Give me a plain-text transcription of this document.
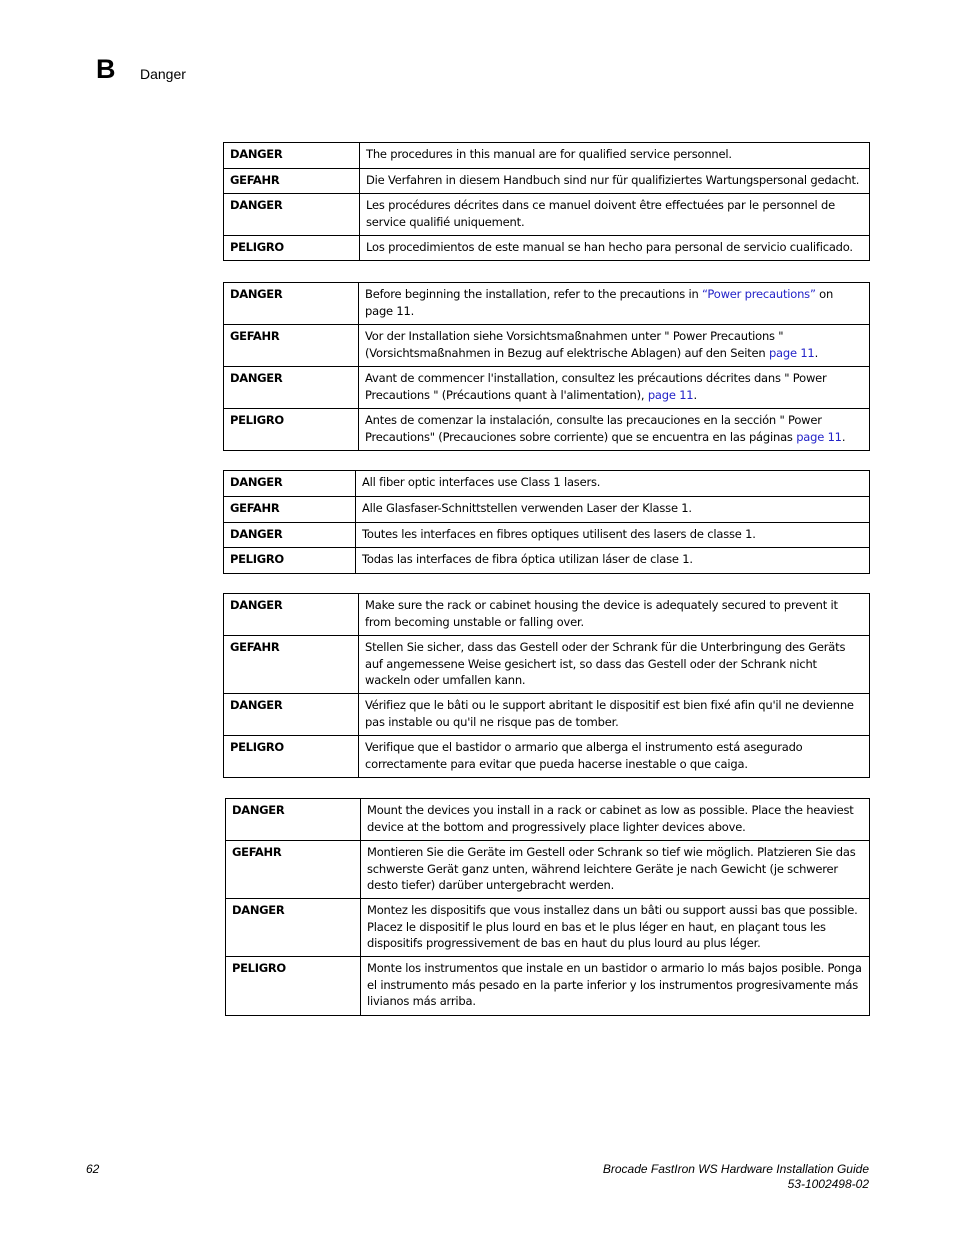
B Danger
DANGER	The procedures in this manual are for qualified service personnel.
GEFAHR	Die Verfahren in diesem Handbuch sind nur für qualifiziertes Wartungspersonal gedacht.
DANGER	Les procédures décrites dans ce manuel doivent être effectuées par le personnel de service qualifié uniquement.
PELIGRO	Los procedimientos de este manual se han hecho para personal de servicio cualificado.
DANGER	Before beginning the installation, refer to the precautions in “Power precautions” on page 11.
GEFAHR	Vor der Installation siehe Vorsichtsmaßnahmen unter " Power Precautions " (Vorsichtsmaßnahmen in Bezug auf elektrische Ablagen) auf den Seiten page 11.
DANGER	Avant de commencer l'installation, consultez les précautions décrites dans " Power Precautions " (Précautions quant à l'alimentation), page 11.
PELIGRO	Antes de comenzar la instalación, consulte las precauciones en la sección " Power Precautions" (Precauciones sobre corriente) que se encuentra en las páginas page 11.
DANGER	All fiber optic interfaces use Class 1 lasers.
GEFAHR	Alle Glasfaser-Schnittstellen verwenden Laser der Klasse 1.
DANGER	Toutes les interfaces en fibres optiques utilisent des lasers de classe 1.
PELIGRO	Todas las interfaces de fibra óptica utilizan láser de clase 1.
DANGER	Make sure the rack or cabinet housing the device is adequately secured to prevent it from becoming unstable or falling over.
GEFAHR	Stellen Sie sicher, dass das Gestell oder der Schrank für die Unterbringung des Geräts auf angemessene Weise gesichert ist, so dass das Gestell oder der Schrank nicht wackeln oder umfallen kann.
DANGER	Vérifiez que le bâti ou le support abritant le dispositif est bien fixé afin qu'il ne devienne pas instable ou qu'il ne risque pas de tomber.
PELIGRO	Verifique que el bastidor o armario que alberga el instrumento está asegurado correctamente para evitar que pueda hacerse inestable o que caiga.
DANGER	Mount the devices you install in a rack or cabinet as low as possible. Place the heaviest device at the bottom and progressively place lighter devices above.
GEFAHR	Montieren Sie die Geräte im Gestell oder Schrank so tief wie möglich. Platzieren Sie das schwerste Gerät ganz unten, während leichtere Geräte je nach Gewicht (je schwerer desto tiefer) darüber untergebracht werden.
DANGER	Montez les dispositifs que vous installez dans un bâti ou support aussi bas que possible. Placez le dispositif le plus lourd en bas et le plus léger en haut, en plaçant tous les dispositifs progressivement de bas en haut du plus lourd au plus léger.
PELIGRO	Monte los instrumentos que instale en un bastidor o armario lo más bajos posible. Ponga el instrumento más pesado en la parte inferior y los instrumentos progresivamente más livianos más arriba.
62	Brocade FastIron WS Hardware Installation Guide
53-1002498-02
